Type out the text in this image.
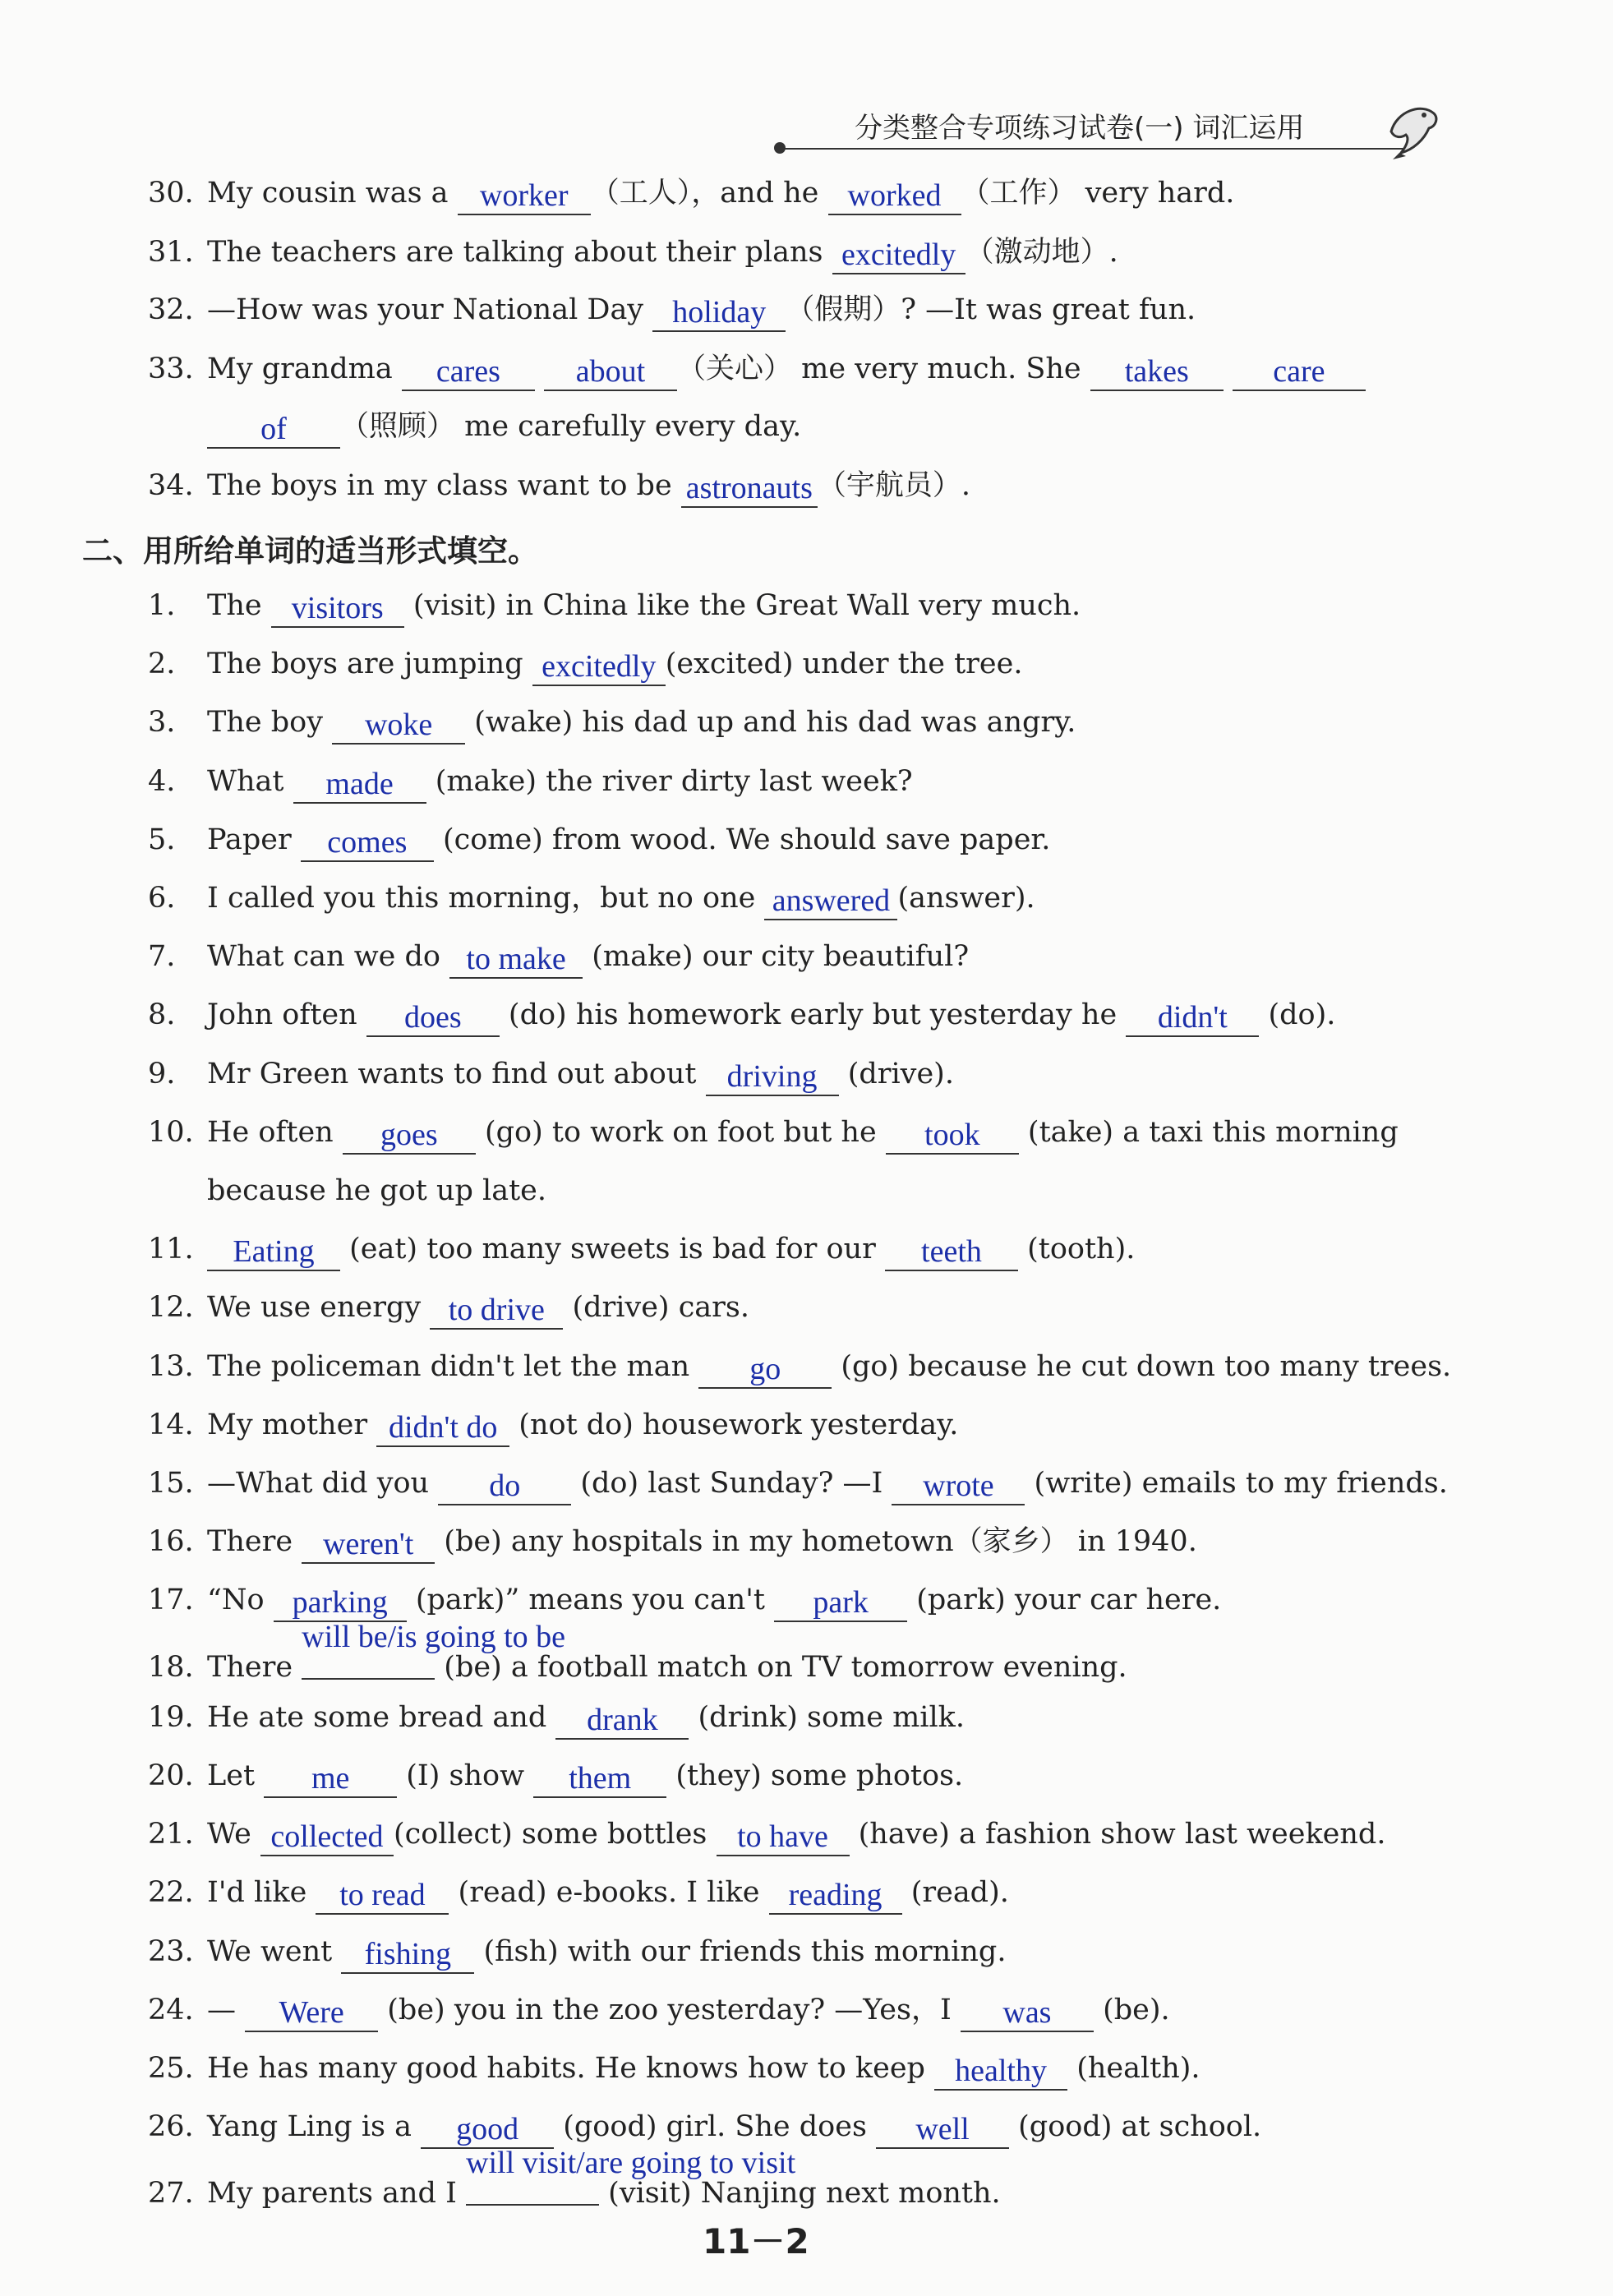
分类整合专项练习试卷(一) 词汇运用
30. My cousin was a worker （工人），and he worked （工作） very hard.
31. The teachers are talking about their plans excitedly （激动地）.
32. —How was your National Day holiday （假期）? —It was great fun.
33. My grandma cares about （关心） me very much. She takes	care
of （照顾） me carefully every day.
34. The boys in my class want to be astronauts （宇航员）.
二、用所给单词的适当形式填空。
1. The visitors (visit) in China like the Great Wall very much.
2. The boys are jumping excitedly (excited) under the tree.
3. The boy woke (wake) his dad up and his dad was angry.
4. What made (make) the river dirty last week?
5. Paper comes (come) from wood. We should save paper.
6. I called you this morning，but no one answered (answer).
7. What can we do to make (make) our city beautiful?
8. John often does (do) his homework early but yesterday he didn't (do).
9. Mr Green wants to find out about driving (drive).
10. He often goes (go) to work on foot but he took (take) a taxi this morning
because he got up late.
11. Eating (eat) too many sweets is bad for our teeth (tooth).
12. We use energy to drive (drive) cars.
13. The policeman didn't let the man go (go) because he cut down too many trees.
14. My mother didn't do (not do) housework yesterday.
15. —What did you do (do) last Sunday? —I wrote (write) emails to my friends.
16. There weren't (be) any hospitals in my hometown（家乡） in 1940.
17. “No parking (park)” means you can't park (park) your car here.
18. There
will be/is going to be
(be) a football match on TV tomorrow evening.
19. He ate some bread and drank (drink) some milk.
20. Let me (I) show them (they) some photos.
21. We collected (collect) some bottles to have (have) a fashion show last weekend.
22. I'd like to read (read) e-books. I like reading (read).
23. We went fishing (fish) with our friends this morning.
24. — Were (be) you in the zoo yesterday? —Yes，I was (be).
25. He has many good habits. He knows how to keep healthy (health).
26. Yang Ling is a good (good) girl. She does well (good) at school.
27. My parents and I
will visit/are going to visit
(visit) Nanjing next month.
11－2
